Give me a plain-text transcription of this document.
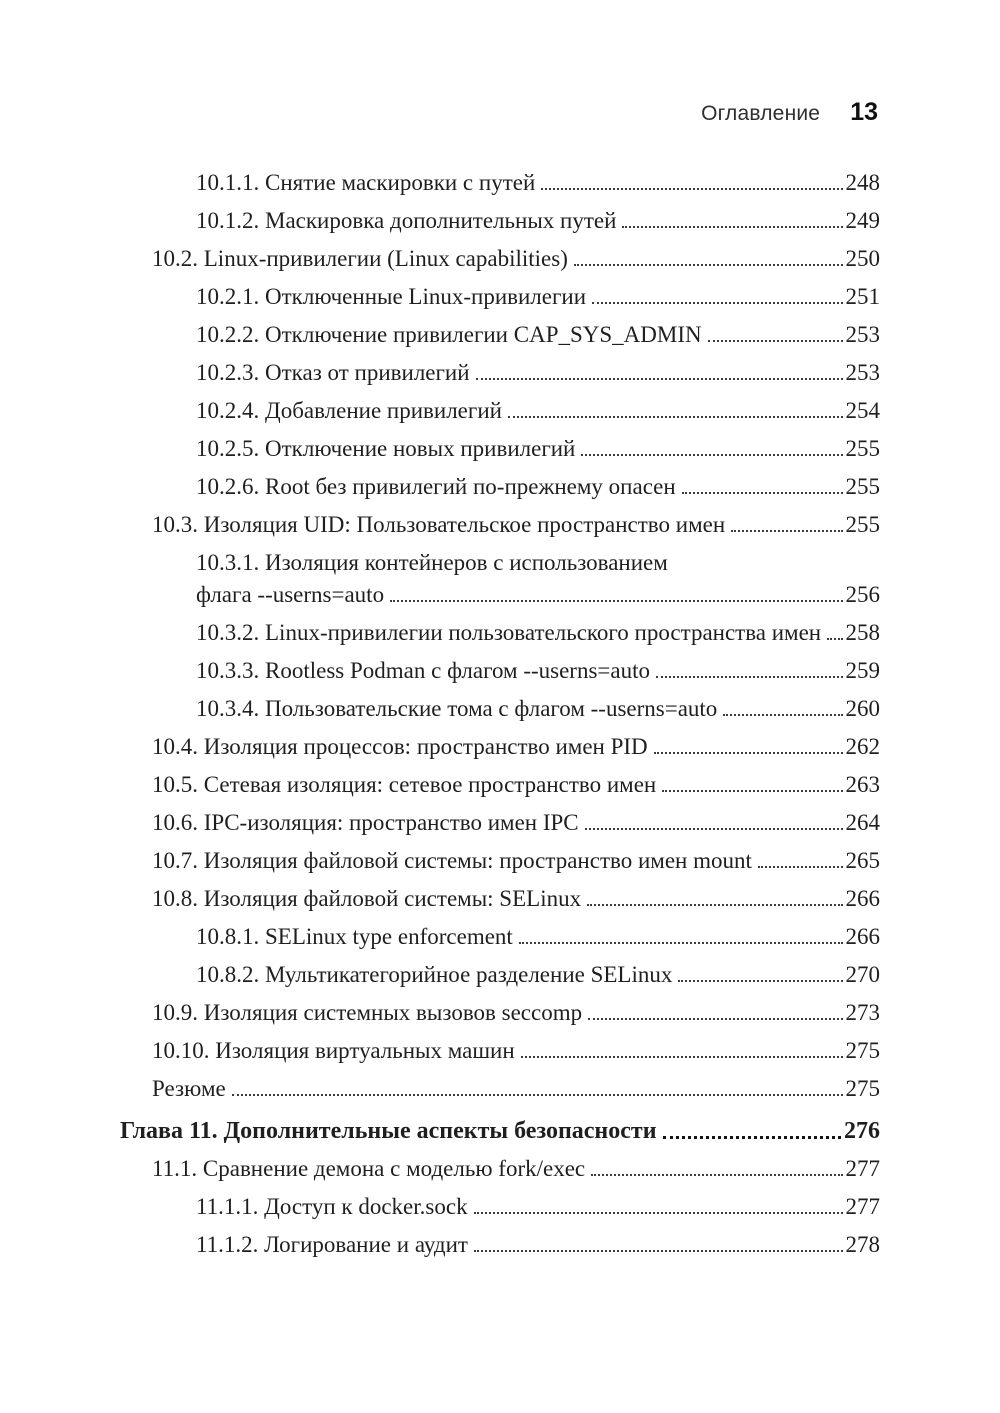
Оглавление 13
10.1.1. Снятие маскировки с путей	248
10.1.2. Маскировка дополнительных путей	249
10.2. Linux-привилегии (Linux capabilities)	250
10.2.1. Отключенные Linux-привилегии	251
10.2.2. Отключение привилегии CAP_SYS_ADMIN	253
10.2.3. Отказ от привилегий	253
10.2.4. Добавление привилегий	254
10.2.5. Отключение новых привилегий	255
10.2.6. Root без привилегий по-прежнему опасен	255
10.3. Изоляция UID: Пользовательское пространство имен	255
10.3.1. Изоляция контейнеров с использованием
флага --userns=auto	256
10.3.2. Linux-привилегии пользовательского пространства имен 258
10.3.3. Rootless Podman с флагом --userns=auto	259
10.3.4. Пользовательские тома с флагом --userns=auto	260
10.4. Изоляция процессов: пространство имен PID	262
10.5. Сетевая изоляция: сетевое пространство имен	263
10.6. IPC-изоляция: пространство имен IPC	264
10.7. Изоляция файловой системы: пространство имен mount	265
10.8. Изоляция файловой системы: SELinux	266
10.8.1. SELinux type enforcement	266
10.8.2. Мультикатегорийное разделение SELinux	270
10.9. Изоляция системных вызовов seccomp	273
10.10. Изоляция виртуальных машин	275
Резюме	275
Глава 11. Дополнительные аспекты безопасности	276
11.1. Сравнение демона с моделью fork/exec	277
11.1.1. Доступ к docker.sock	277
11.1.2. Логирование и аудит	278
